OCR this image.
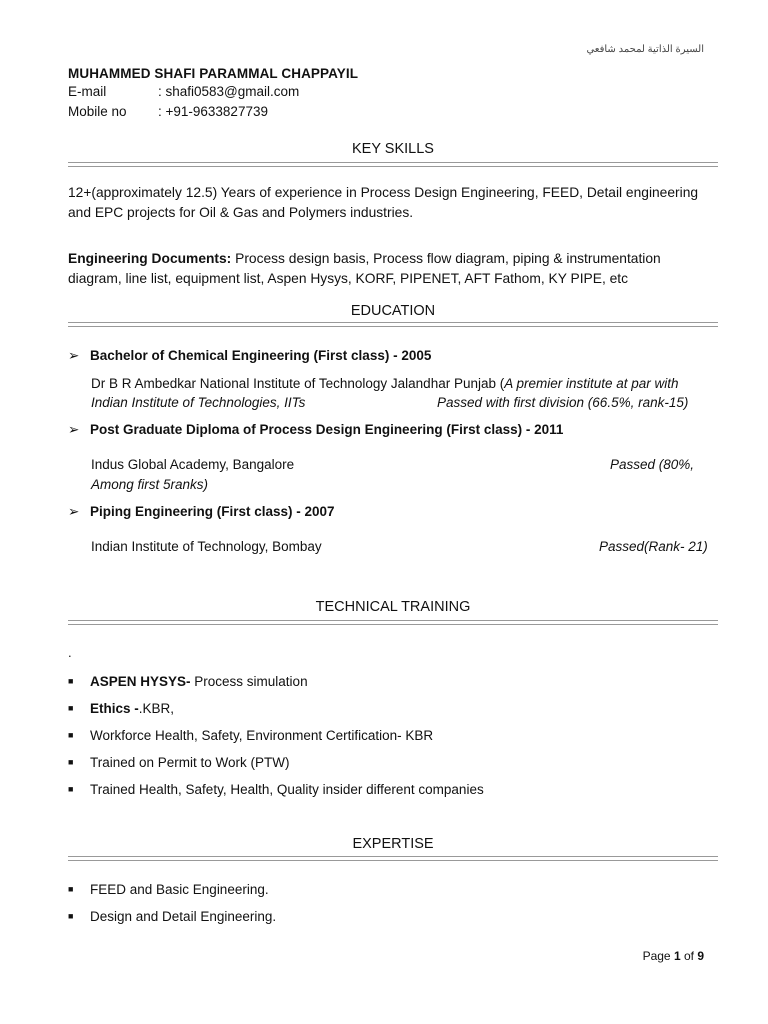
السيرة الذاتية لمحمد شافعي
MUHAMMED SHAFI PARAMMAL CHAPPAYIL
E-mail	: shafi0583@gmail.com
Mobile no : +91-9633827739
KEY SKILLS
12+(approximately 12.5) Years of experience in Process Design Engineering, FEED, Detail engineering
and EPC projects for Oil & Gas and Polymers industries.
Engineering Documents: Process design basis, Process flow diagram, piping & instrumentation
diagram, line list, equipment list, Aspen Hysys, KORF, PIPENET, AFT Fathom, KY PIPE, etc
EDUCATION
➢ Bachelor of Chemical Engineering (First class) - 2005
Dr B R Ambedkar National Institute of Technology Jalandhar Punjab (A premier institute at par with
Indian Institute of Technologies, IITs	Passed with first division (66.5%, rank-15)
➢ Post Graduate Diploma of Process Design Engineering (First class) - 2011
Indus Global Academy, Bangalore	Passed (80%,
Among first 5ranks)
➢ Piping Engineering (First class) - 2007
Indian Institute of Technology, Bombay	Passed(Rank- 21)
TECHNICAL TRAINING
.
■ ASPEN HYSYS- Process simulation
■ Ethics -.KBR,
■ Workforce Health, Safety, Environment Certification- KBR
■ Trained on Permit to Work (PTW)
■ Trained Health, Safety, Health, Quality insider different companies
EXPERTISE
■ FEED and Basic Engineering.
■ Design and Detail Engineering.
Page 1 of 9
